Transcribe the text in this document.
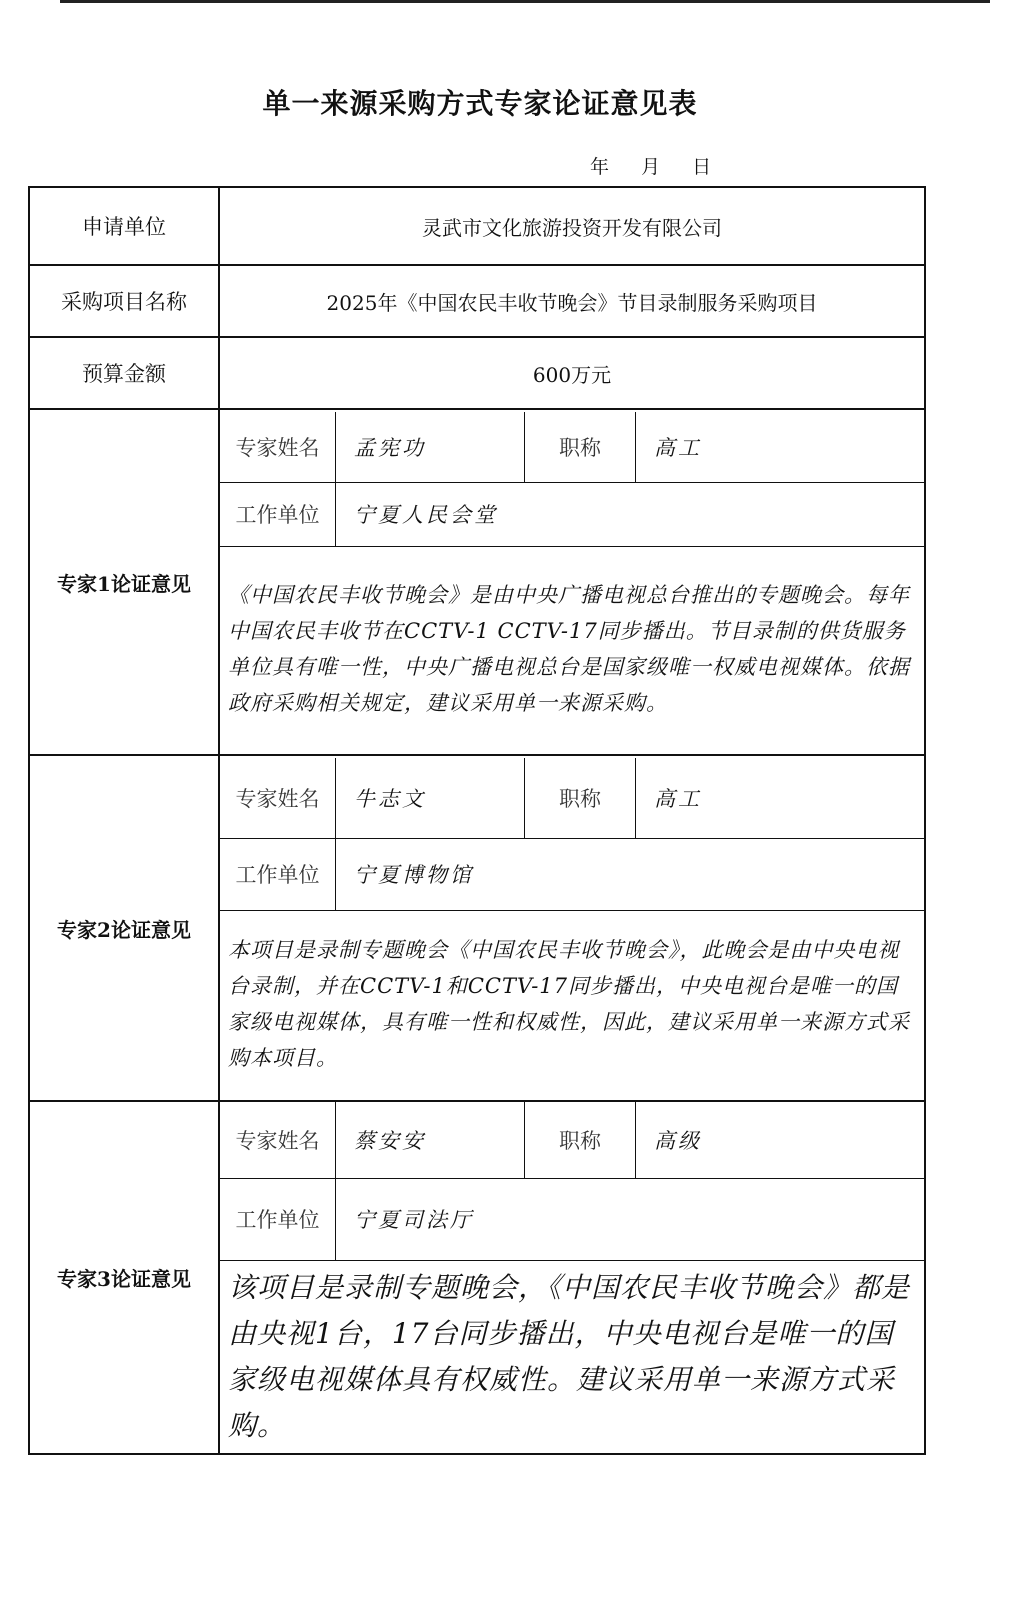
单一来源采购方式专家论证意见表
年 月 日
申请单位	灵武市文化旅游投资开发有限公司
采购项目名称	2025年《中国农民丰收节晚会》节目录制服务采购项目
预算金额	600万元
专家1论证意见	
专家姓名	孟宪功	职称	高工
工作单位	宁夏人民会堂
《中国农民丰收节晚会》是由中央广播电视总台推出的专题晚会。每年中国农民丰收节在CCTV-1 CCTV-17同步播出。节目录制的供货服务单位具有唯一性，中央广播电视总台是国家级唯一权威电视媒体。依据政府采购相关规定，建议采用单一来源采购。

专家2论证意见	
专家姓名	牛志文	职称	高工
工作单位	宁夏博物馆
本项目是录制专题晚会《中国农民丰收节晚会》，此晚会是由中央电视台录制，并在CCTV-1和CCTV-17同步播出，中央电视台是唯一的国家级电视媒体，具有唯一性和权威性，因此，建议采用单一来源方式采购本项目。

专家3论证意见	
专家姓名	蔡安安	职称	高级
工作单位	宁夏司法厅
该项目是录制专题晚会，《中国农民丰收节晚会》都是由央视1台，17台同步播出，中央电视台是唯一的国家级电视媒体具有权威性。建议采用单一来源方式采购。
